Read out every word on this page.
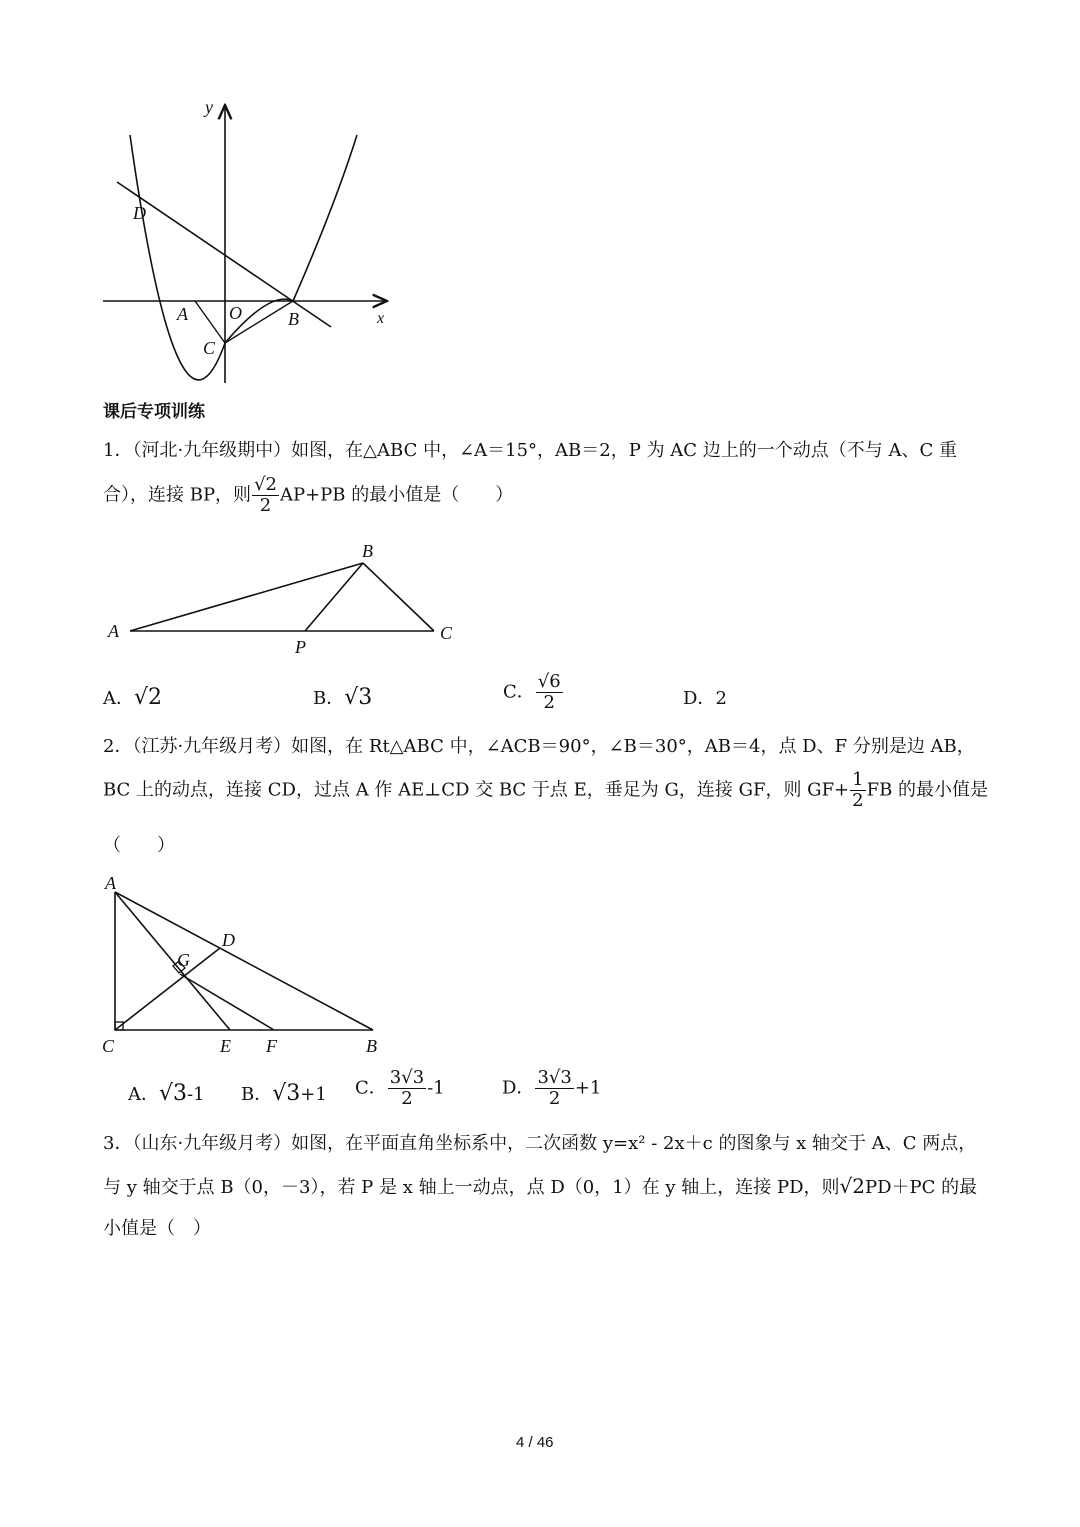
y
x
D
A O	B
C
课后专项训练
1．（河北·九年级期中）如图，在△ABC 中，∠A＝15°，AB＝2，P 为 AC 边上的一个动点（不与 A、C 重
合），连接 BP，则 $\frac{√2}{2} AP+PB$ 的最小值是（　　）
A
B
C
P
A．√2	B．√3	C． $\frac{√6}{2}$	D．2
2．（江苏·九年级月考）如图，在 Rt△ABC 中，∠ACB＝90°，∠B＝30°，AB＝4，点 D、F 分别是边 AB，
BC 上的动点，连接 CD，过点 A 作 AE⊥CD 交 BC 于点 E，垂足为 G，连接 GF，则 $GF+ \frac{1}{2}$ FB 的最小值是
（　　）
A
D
G
C	E F	B
A．√3-1 B．√3+1 C． $\frac{3√3}{2} -1$	D． $\frac{3√3}{2} +1$
3．（山东·九年级月考）如图，在平面直角坐标系中，二次函数 y=x² - 2x＋c 的图象与 x 轴交于 A、C 两点，
与 y 轴交于点 B（0，－3），若 P 是 x 轴上一动点，点 D（0，1）在 y 轴上，连接 PD，则√2PD＋PC 的最
小值是（　）
4 / 46
